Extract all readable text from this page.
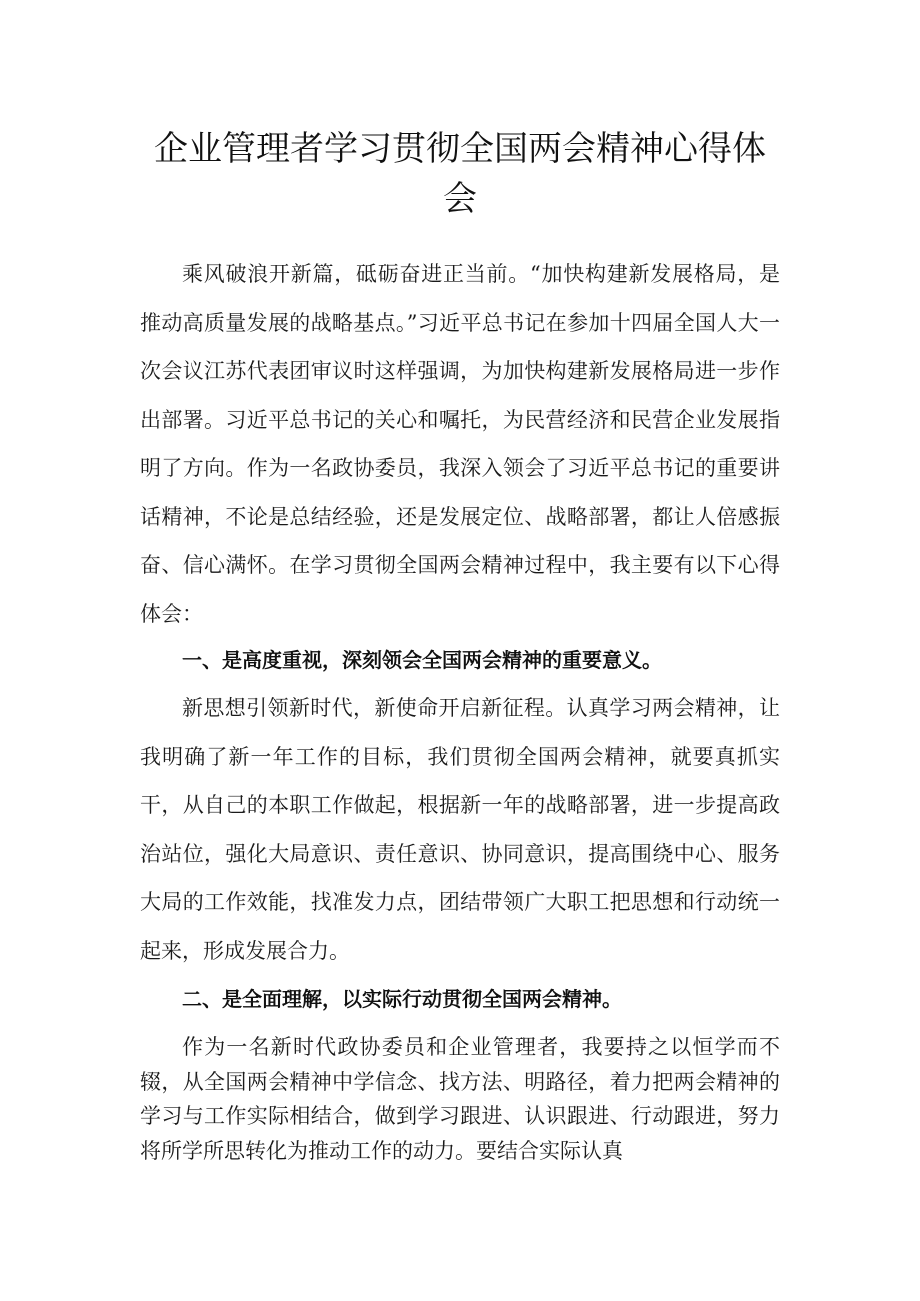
企业管理者学习贯彻全国两会精神心得体会

乘风破浪开新篇，砥砺奋进正当前。“加快构建新发展格局，是推动高质量发展的战略基点。”习近平总书记在参加十四届全国人大一次会议江苏代表团审议时这样强调，为加快构建新发展格局进一步作出部署。习近平总书记的关心和嘱托，为民营经济和民营企业发展指明了方向。作为一名政协委员，我深入领会了习近平总书记的重要讲话精神，不论是总结经验，还是发展定位、战略部署，都让人倍感振奋、信心满怀。在学习贯彻全国两会精神过程中，我主要有以下心得体会：

一、是高度重视，深刻领会全国两会精神的重要意义。

新思想引领新时代，新使命开启新征程。认真学习两会精神，让我明确了新一年工作的目标，我们贯彻全国两会精神，就要真抓实干，从自己的本职工作做起，根据新一年的战略部署，进一步提高政治站位，强化大局意识、责任意识、协同意识，提高围绕中心、服务大局的工作效能，找准发力点，团结带领广大职工把思想和行动统一起来，形成发展合力。

二、是全面理解，以实际行动贯彻全国两会精神。

作为一名新时代政协委员和企业管理者，我要持之以恒学而不辍，从全国两会精神中学信念、找方法、明路径，着力把两会精神的学习与工作实际相结合，做到学习跟进、认识跟进、行动跟进，努力将所学所思转化为推动工作的动力。要结合实际认真
